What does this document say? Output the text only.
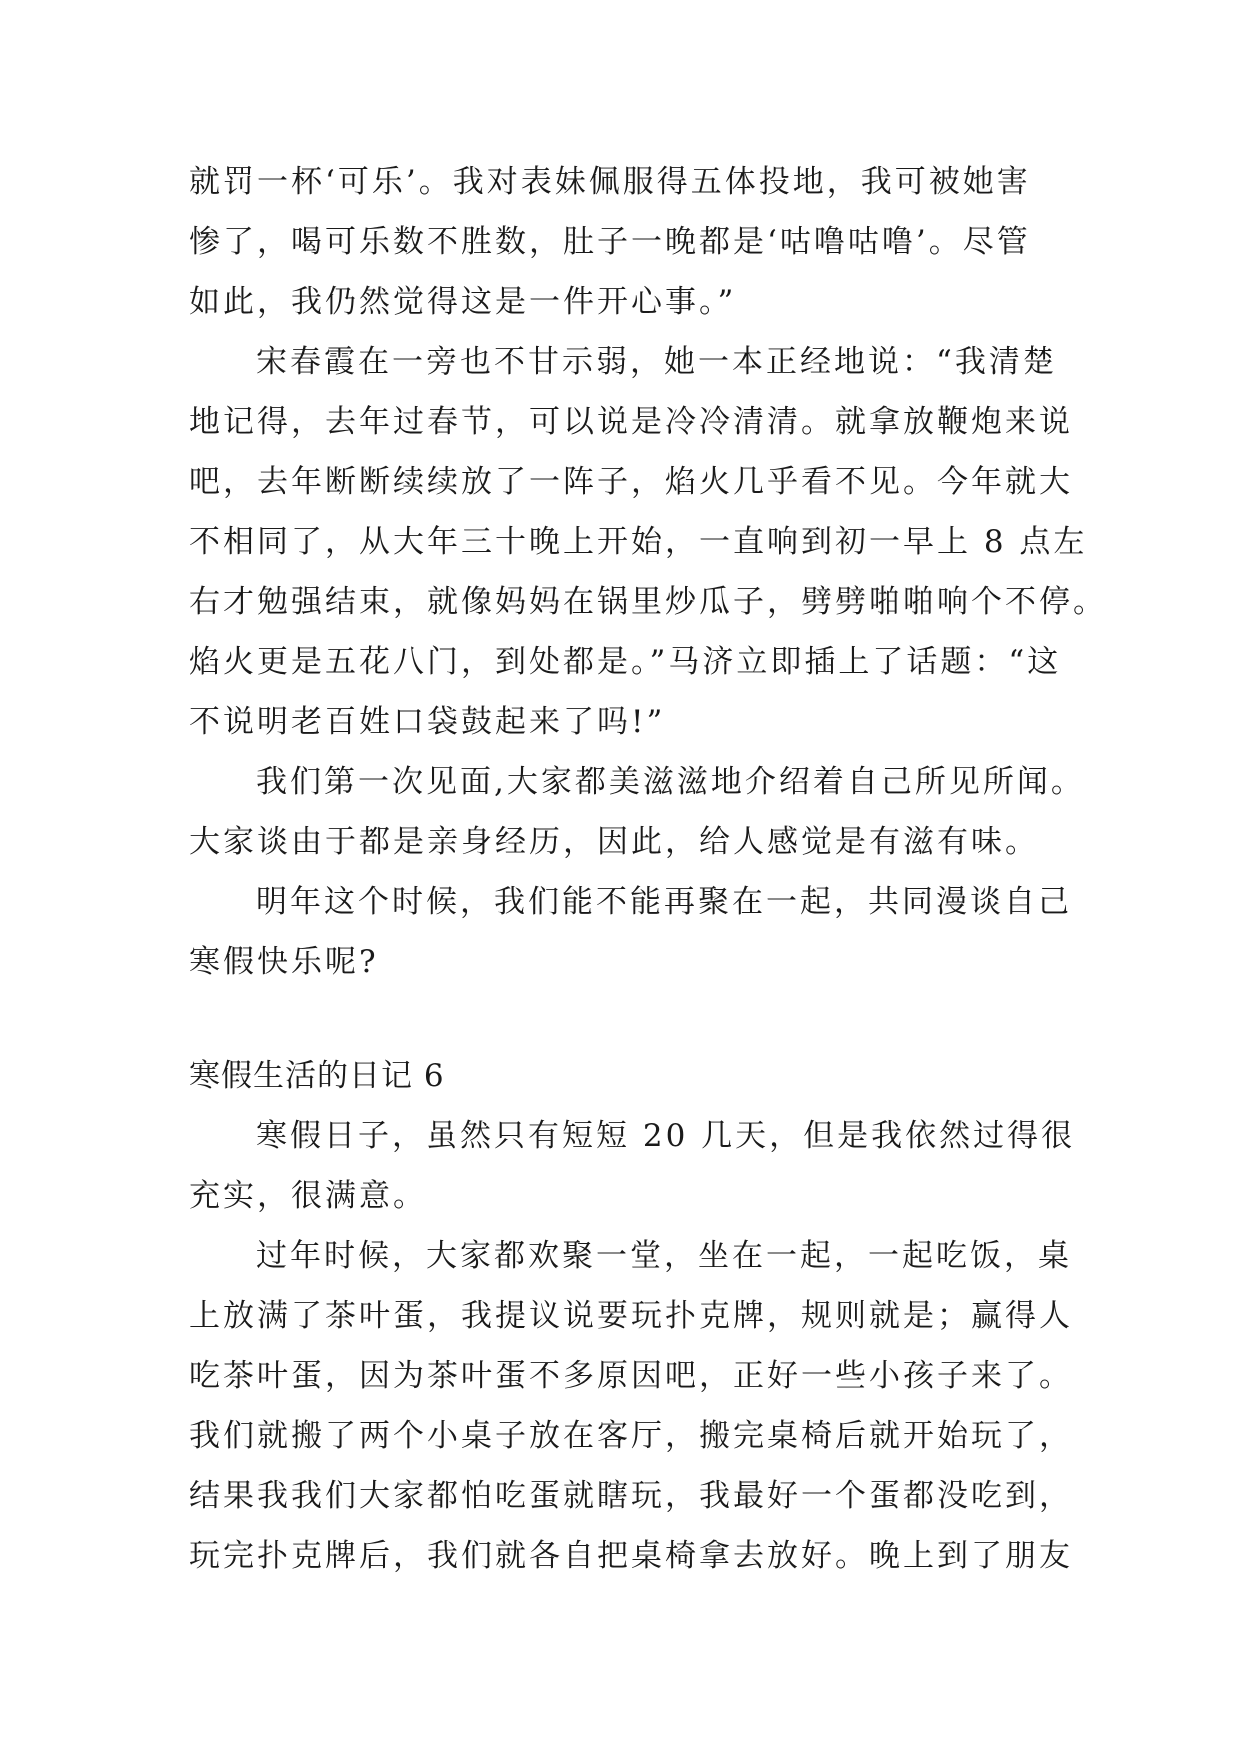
就罚一杯‘可乐’。我对表妹佩服得五体投地，我可被她害
惨了，喝可乐数不胜数，肚子一晚都是‘咕噜咕噜’。尽管
如此，我仍然觉得这是一件开心事。”
宋春霞在一旁也不甘示弱，她一本正经地说：“我清楚
地记得，去年过春节，可以说是冷冷清清。就拿放鞭炮来说
吧，去年断断续续放了一阵子，焰火几乎看不见。今年就大
不相同了，从大年三十晚上开始，一直响到初一早上 8 点左
右才勉强结束，就像妈妈在锅里炒瓜子，劈劈啪啪响个不停。
焰火更是五花八门，到处都是。”马济立即插上了话题：“这
不说明老百姓口袋鼓起来了吗!”
我们第一次见面,大家都美滋滋地介绍着自己所见所闻。
大家谈由于都是亲身经历，因此，给人感觉是有滋有味。
明年这个时候，我们能不能再聚在一起，共同漫谈自己
寒假快乐呢?
寒假生活的日记 6
寒假日子，虽然只有短短 20 几天，但是我依然过得很
充实，很满意。
过年时候，大家都欢聚一堂，坐在一起，一起吃饭，桌
上放满了茶叶蛋，我提议说要玩扑克牌，规则就是；赢得人
吃茶叶蛋，因为茶叶蛋不多原因吧，正好一些小孩子来了。
我们就搬了两个小桌子放在客厅，搬完桌椅后就开始玩了，
结果我我们大家都怕吃蛋就瞎玩，我最好一个蛋都没吃到，
玩完扑克牌后，我们就各自把桌椅拿去放好。晚上到了朋友
